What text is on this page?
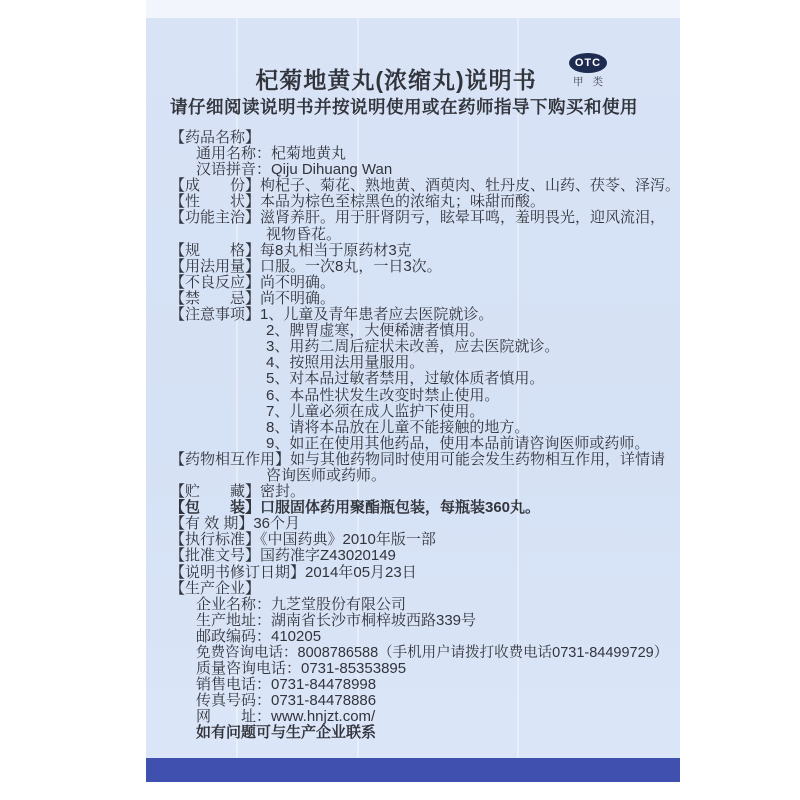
杞菊地黄丸(浓缩丸)说明书
OTC
甲 类
请仔细阅读说明书并按说明使用或在药师指导下购买和使用
【药品名称】
通用名称：杞菊地黄丸
汉语拼音：Qiju Dihuang Wan
【成　　份】枸杞子、菊花、熟地黄、酒萸肉、牡丹皮、山药、茯苓、泽泻。
【性　　状】本品为棕色至棕黑色的浓缩丸；味甜而酸。
【功能主治】滋肾养肝。用于肝肾阴亏，眩晕耳鸣，羞明畏光，迎风流泪，
视物昏花。
【规　　格】每8丸相当于原药材3克
【用法用量】口服。一次8丸，一日3次。
【不良反应】尚不明确。
【禁　　忌】尚不明确。
【注意事项】1、儿童及青年患者应去医院就诊。
2、脾胃虚寒，大便稀溏者慎用。
3、用药二周后症状未改善，应去医院就诊。
4、按照用法用量服用。
5、对本品过敏者禁用，过敏体质者慎用。
6、本品性状发生改变时禁止使用。
7、儿童必须在成人监护下使用。
8、请将本品放在儿童不能接触的地方。
9、如正在使用其他药品，使用本品前请咨询医师或药师。
【药物相互作用】如与其他药物同时使用可能会发生药物相互作用，详情请
咨询医师或药师。
【贮　　藏】密封。
【包　　装】口服固体药用聚酯瓶包装，每瓶装360丸。
【有 效 期】36个月
【执行标准】《中国药典》2010年版一部
【批准文号】国药准字Z43020149
【说明书修订日期】2014年05月23日
【生产企业】
企业名称：九芝堂股份有限公司
生产地址：湖南省长沙市桐梓坡西路339号
邮政编码：410205
免费咨询电话：8008786588（手机用户请拨打收费电话0731-84499729）
质量咨询电话：0731-85353895
销售电话：0731-84478998
传真号码：0731-84478886
网　　址：www.hnjzt.com/
如有问题可与生产企业联系
